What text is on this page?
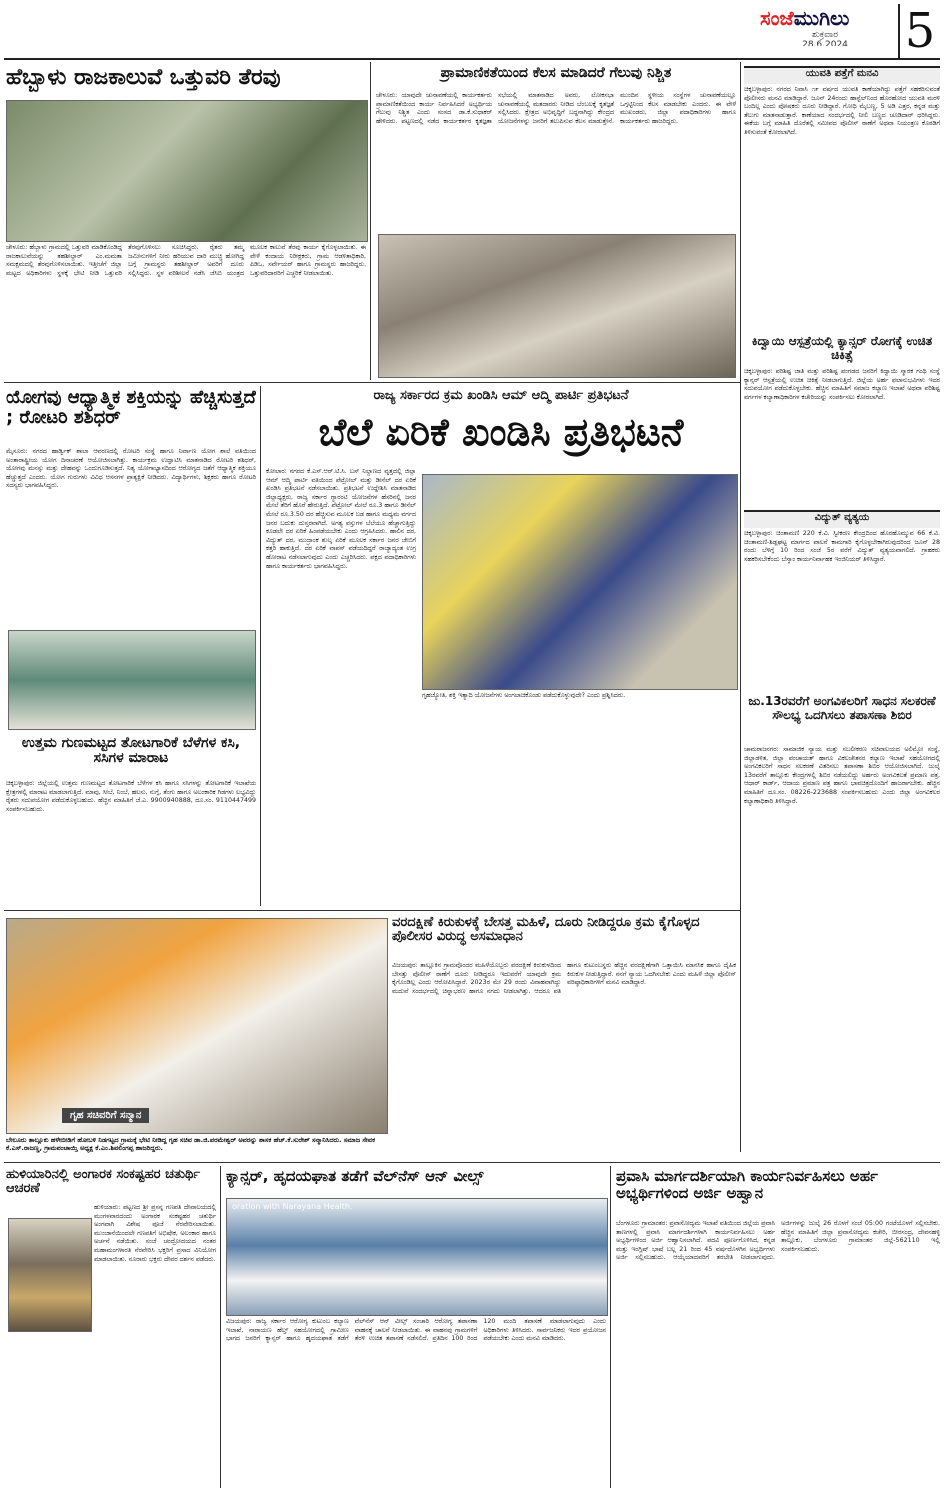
ಸಂಜೆಮುಗಿಲು
ಶುಕ್ರವಾರ
28.6.2024	5
ಹೆಬ್ಬಾಳು ರಾಜಕಾಲುವೆ ಒತ್ತುವರಿ ತೆರವು
ಚೇಳೂರು: ಹೆಬ್ಬಾಳು ಗ್ರಾಮದಲ್ಲಿ ಒತ್ತುವರಿ ಮಾಡಿಕೊಂಡಿದ್ದ ರಾಜಕಾಲುವೆಯನ್ನು ತಹಶೀಲ್ದಾರ್ ಎಂ.ಮಮತಾ ಸಮಕ್ಷಮದಲ್ಲಿ ತೆರವುಗೊಳಿಸಲಾಯಿತು. ಇತ್ತೀಚೆಗೆ ಜಿಲ್ಲಾ ಮಟ್ಟದ ಅಧಿಕಾರಿಗಳು ಸ್ಥಳಕ್ಕೆ ಭೇಟಿ ನೀಡಿ ಒತ್ತುವರಿ ತೆರವುಗೊಳಿಸಲು ಸೂಚಿಸಿದ್ದರು. ರೈತರು ತಮ್ಮ ಜಮೀನುಗಳಿಗೆ ನೀರು ಹರಿಯುವ ದಾರಿ ಮುಚ್ಚಿ ಹೋಗಿದ್ದ ಬಗ್ಗೆ ಗ್ರಾಮಸ್ಥರು ತಹಶೀಲ್ದಾರ್ ಅವರಿಗೆ ದೂರು ಸಲ್ಲಿಸಿದ್ದರು. ಸ್ಥಳ ಪರಿಶೀಲನೆ ನಡೆಸಿ ಜೆಸಿಬಿ ಯಂತ್ರದ ಮೂಲಕ ಕಾಲುವೆ ತೆರವು ಕಾರ್ಯ ಕೈಗೊಳ್ಳಲಾಯಿತು. ಈ ವೇಳೆ ಕಂದಾಯ ನಿರೀಕ್ಷಕರು, ಗ್ರಾಮ ಆಡಳಿತಾಧಿಕಾರಿ, ಪಿಡಿಒ, ಸರ್ವೇಯರ್ ಹಾಗೂ ಗ್ರಾಮಸ್ಥರು ಹಾಜರಿದ್ದರು. ಒತ್ತುವರಿದಾರರಿಗೆ ಎಚ್ಚರಿಕೆ ನೀಡಲಾಯಿತು.
ಪ್ರಾಮಾಣಿಕತೆಯಿಂದ ಕೆಲಸ ಮಾಡಿದರೆ ಗೆಲುವು ನಿಶ್ಚಿತ
ಚೇಳೂರು: ಯಾವುದೇ ಚುನಾವಣೆಯಲ್ಲಿ ಕಾರ್ಯಕರ್ತರು ಪ್ರಾಮಾಣಿಕತೆಯಿಂದ ಕಾರ್ಯ ನಿರ್ವಹಿಸಿದರೆ ಅಭ್ಯರ್ಥಿಯ ಗೆಲುವು ನಿಶ್ಚಿತ ಎಂದು ಸಂಸದ ಡಾ.ಕೆ.ಸುಧಾಕರ್ ಹೇಳಿದರು. ಪಟ್ಟಣದಲ್ಲಿ ನಡೆದ ಕಾರ್ಯಕರ್ತರ ಕೃತಜ್ಞತಾ ಸಭೆಯಲ್ಲಿ ಮಾತನಾಡಿದ ಅವರು, ಲೋಕಸಭಾ ಚುನಾವಣೆಯಲ್ಲಿ ಮತದಾರರು ನೀಡಿದ ಬೆಂಬಲಕ್ಕೆ ಕೃತಜ್ಞತೆ ಸಲ್ಲಿಸಿದರು. ಕ್ಷೇತ್ರದ ಅಭಿವೃದ್ಧಿಗೆ ಬದ್ಧನಾಗಿದ್ದು ಕೇಂದ್ರದ ಯೋಜನೆಗಳನ್ನು ಜನರಿಗೆ ತಲುಪಿಸುವ ಕೆಲಸ ಮಾಡುತ್ತೇನೆ. ಮುಂದಿನ ಸ್ಥಳೀಯ ಸಂಸ್ಥೆಗಳ ಚುನಾವಣೆಯಲ್ಲೂ ಒಗ್ಗಟ್ಟಿನಿಂದ ಕೆಲಸ ಮಾಡಬೇಕು ಎಂದರು. ಈ ವೇಳೆ ಮುಖಂಡರು, ಜಿಲ್ಲಾ ಪದಾಧಿಕಾರಿಗಳು ಹಾಗೂ ಕಾರ್ಯಕರ್ತರು ಹಾಜರಿದ್ದರು.
ಯುವತಿ ಪತ್ತೆಗೆ ಮನವಿ
ಚಿಕ್ಕಬಳ್ಳಾಪುರ: ನಗರದ ನಿವಾಸಿ ೧೯ ವರ್ಷದ ಯುವತಿ ಕಾಣೆಯಾಗಿದ್ದು ಪತ್ತೆಗೆ ಸಹಕರಿಸುವಂತೆ ಪೊಲೀಸರು ಮನವಿ ಮಾಡಿದ್ದಾರೆ. ಜೂನ್ 24ರಂದು ಹಾಸ್ಟೆಲ್‌ನಿಂದ ಹೊರಹೋದ ಯುವತಿ ಮರಳಿ ಬಂದಿಲ್ಲ ಎಂದು ಪೋಷಕರು ದೂರು ನೀಡಿದ್ದಾರೆ. ಗೋಧಿ ಮೈಬಣ್ಣ, 5 ಅಡಿ ಎತ್ತರ, ಕನ್ನಡ ಮತ್ತು ತೆಲುಗು ಮಾತನಾಡುತ್ತಾರೆ. ಕಾಣೆಯಾದ ಸಂದರ್ಭದಲ್ಲಿ ನೀಲಿ ಬಣ್ಣದ ಚೂಡಿದಾರ್ ಧರಿಸಿದ್ದರು. ಈಕೆಯ ಬಗ್ಗೆ ಮಾಹಿತಿ ದೊರೆತಲ್ಲಿ ಸಮೀಪದ ಪೊಲೀಸ್ ಠಾಣೆಗೆ ಅಥವಾ ನಿಯಂತ್ರಣ ಕೊಠಡಿಗೆ ತಿಳಿಸುವಂತೆ ಕೋರಲಾಗಿದೆ.
ಕಿದ್ವಾಯಿ ಆಸ್ಪತ್ರೆಯಲ್ಲಿ ಕ್ಯಾನ್ಸರ್ ರೋಗಕ್ಕೆ ಉಚಿತ ಚಿಕಿತ್ಸೆ
ಚಿಕ್ಕಬಳ್ಳಾಪುರ: ಪರಿಶಿಷ್ಟ ಜಾತಿ ಮತ್ತು ಪರಿಶಿಷ್ಟ ಪಂಗಡದ ಜನರಿಗೆ ಕಿದ್ವಾಯಿ ಸ್ಮಾರಕ ಗಂಥಿ ಸಂಸ್ಥೆ ಕ್ಯಾನ್ಸರ್ ಆಸ್ಪತ್ರೆಯಲ್ಲಿ ಉಚಿತ ಚಿಕಿತ್ಸೆ ನೀಡಲಾಗುತ್ತಿದೆ. ಜಿಲ್ಲೆಯ ಅರ್ಹ ಫಲಾನುಭವಿಗಳು ಇದರ ಸದುಪಯೋಗ ಪಡೆದುಕೊಳ್ಳಬೇಕು. ಹೆಚ್ಚಿನ ಮಾಹಿತಿಗೆ ಸಮಾಜ ಕಲ್ಯಾಣ ಇಲಾಖೆ ಅಥವಾ ಪರಿಶಿಷ್ಟ ವರ್ಗಗಳ ಕಲ್ಯಾಣಾಧಿಕಾರಿಗಳ ಕಚೇರಿಯನ್ನು ಸಂಪರ್ಕಿಸಲು ಕೋರಲಾಗಿದೆ.
ವಿದ್ಯುತ್ ವ್ಯತ್ಯಯ
ಚಿಕ್ಕಬಳ್ಳಾಪುರ: ಚಿಂತಾಮಣಿ 220 ಕೆ.ವಿ. ಸ್ವೀಕರಣ ಕೇಂದ್ರದಿಂದ ಹೊರಹೊಮ್ಮುವ 66 ಕೆ.ವಿ. ಚಿಂತಾಮಣಿ-ಶಿಡ್ಲಘಟ್ಟ ಮಾರ್ಗದ ಪಾಲನೆ ಕಾಮಗಾರಿ ಕೈಗೊಳ್ಳಬೇಕಾಗಿರುವುದರಿಂದ ಜೂನ್ 28 ರಂದು ಬೆಳಿಗ್ಗೆ 10 ರಿಂದ ಸಂಜೆ 5ರ ವರೆಗೆ ವಿದ್ಯುತ್ ವ್ಯತ್ಯಯವಾಗಲಿದೆ. ಗ್ರಾಹಕರು ಸಹಕರಿಸಬೇಕೆಂದು ಬೆಸ್ಕಾಂ ಕಾರ್ಯನಿರ್ವಾಹಕ ಇಂಜಿನಿಯರ್ ತಿಳಿಸಿದ್ದಾರೆ.
ಜು.13ರವರೆಗೆ ಅಂಗವಿಕಲರಿಗೆ ಸಾಧನ ಸಲಕರಣೆ ಸೌಲಭ್ಯ ಒದಗಿಸಲು ತಪಾಸಣಾ ಶಿಬಿರ
ಚಾಮರಾಜನಗರ: ಸಾಮಾಜಿಕ ನ್ಯಾಯ ಮತ್ತು ಸಬಲೀಕರಣ ಸಚಿವಾಲಯದ ಅಲಿಮ್ಕೋ ಸಂಸ್ಥೆ, ಜಿಲ್ಲಾಡಳಿತ, ಜಿಲ್ಲಾ ಪಂಚಾಯತ್ ಹಾಗೂ ವಿಕಲಚೇತನರ ಕಲ್ಯಾಣ ಇಲಾಖೆ ಸಹಯೋಗದಲ್ಲಿ ಅಂಗವಿಕಲರಿಗೆ ಸಾಧನ ಸಲಕರಣೆ ವಿತರಿಸಲು ತಪಾಸಣಾ ಶಿಬಿರ ಆಯೋಜಿಸಲಾಗಿದೆ. ಜುಲೈ 13ರವರೆಗೆ ತಾಲ್ಲೂಕು ಕೇಂದ್ರಗಳಲ್ಲಿ ಶಿಬಿರ ನಡೆಯಲಿದ್ದು ಅರ್ಹರು ಅಂಗವಿಕಲತೆ ಪ್ರಮಾಣ ಪತ್ರ, ಆಧಾರ್ ಕಾರ್ಡ್, ಆದಾಯ ಪ್ರಮಾಣ ಪತ್ರ ಹಾಗೂ ಭಾವಚಿತ್ರದೊಂದಿಗೆ ಹಾಜರಾಗಬೇಕು. ಹೆಚ್ಚಿನ ಮಾಹಿತಿಗೆ ದೂ.ಸಂ. 08226-223688 ಸಂಪರ್ಕಿಸಬಹುದು ಎಂದು ಜಿಲ್ಲಾ ಅಂಗವಿಕಲರ ಕಲ್ಯಾಣಾಧಿಕಾರಿ ತಿಳಿಸಿದ್ದಾರೆ.
ಯೋಗವು ಆಧ್ಯಾತ್ಮಿಕ ಶಕ್ತಿಯನ್ನು ಹೆಚ್ಚಿಸುತ್ತದೆ ; ರೋಟರಿ ಶಶಿಧರ್
ಮೈಸೂರು: ನಗರದ ಹಾರ್ಡ್ವಿಕ್ ಶಾಲಾ ಆವರಣದಲ್ಲಿ ರೋಟರಿ ಸಂಸ್ಥೆ ಹಾಗೂ ನಿರ್ವಾಣ ಯೋಗ ಶಾಲೆ ವತಿಯಿಂದ ಅಂತಾರಾಷ್ಟ್ರೀಯ ಯೋಗ ದಿನಾಚರಣೆ ಆಯೋಜಿಸಲಾಗಿತ್ತು. ಕಾರ್ಯಕ್ರಮ ಉದ್ಘಾಟಿಸಿ ಮಾತನಾಡಿದ ರೋಟರಿ ಶಶಿಧರ್, ಯೋಗವು ಮನಸ್ಸು ಮತ್ತು ದೇಹವನ್ನು ಒಂದುಗೂಡಿಸುತ್ತದೆ. ನಿತ್ಯ ಯೋಗಾಭ್ಯಾಸದಿಂದ ಆರೋಗ್ಯದ ಜತೆಗೆ ಆಧ್ಯಾತ್ಮಿಕ ಶಕ್ತಿಯೂ ಹೆಚ್ಚುತ್ತದೆ ಎಂದರು. ಯೋಗ ಗುರುಗಳು ವಿವಿಧ ಆಸನಗಳ ಪ್ರಾತ್ಯಕ್ಷಿಕೆ ನೀಡಿದರು. ವಿದ್ಯಾರ್ಥಿಗಳು, ಶಿಕ್ಷಕರು ಹಾಗೂ ರೋಟರಿ ಸದಸ್ಯರು ಭಾಗವಹಿಸಿದ್ದರು.
ಉತ್ತಮ ಗುಣಮಟ್ಟದ ತೋಟಗಾರಿಕೆ ಬೆಳೆಗಳ ಕಸಿ, ಸಸಿಗಳ ಮಾರಾಟ
ಚಿಕ್ಕಬಳ್ಳಾಪುರ: ಜಿಲ್ಲೆಯಲ್ಲಿ ಉತ್ತಮ ಗುಣಮಟ್ಟದ ತೋಟಗಾರಿಕೆ ಬೆಳೆಗಳ ಕಸಿ ಹಾಗೂ ಸಸಿಗಳನ್ನು ತೋಟಗಾರಿಕೆ ಇಲಾಖೆಯ ಕ್ಷೇತ್ರಗಳಲ್ಲಿ ಮಾರಾಟ ಮಾಡಲಾಗುತ್ತಿದೆ. ಮಾವು, ಸೀಬೆ, ನಿಂಬೆ, ಹಲಸು, ನುಗ್ಗೆ, ತೆಂಗು ಹಾಗೂ ಅಲಂಕಾರಿಕ ಗಿಡಗಳು ಲಭ್ಯವಿದ್ದು ರೈತರು ಸದುಪಯೋಗ ಪಡೆದುಕೊಳ್ಳಬಹುದು. ಹೆಚ್ಚಿನ ಮಾಹಿತಿಗೆ ಜೆ.ಎ. 9900940888, ದೂ.ಸಂ. 9110447499 ಸಂಪರ್ಕಿಸಬಹುದು.
ರಾಜ್ಯ ಸರ್ಕಾರದ ಕ್ರಮ ಖಂಡಿಸಿ ಆಮ್ ಆದ್ಮಿ ಪಾರ್ಟಿ ಪ್ರತಿಭಟನೆ
ಬೆಲೆ ಏರಿಕೆ ಖಂಡಿಸಿ ಪ್ರತಿಭಟನೆ
ಕೋಲಾರ: ನಗರದ ಕೆ.ಎಸ್.ಆರ್.ಟಿ.ಸಿ. ಬಸ್ ನಿಲ್ದಾಣದ ವೃತ್ತದಲ್ಲಿ ಜಿಲ್ಲಾ ಆಮ್ ಆದ್ಮಿ ಪಾರ್ಟಿ ವತಿಯಿಂದ ಪೆಟ್ರೋಲ್ ಮತ್ತು ಡೀಸೆಲ್ ದರ ಏರಿಕೆ ಖಂಡಿಸಿ ಪ್ರತಿಭಟನೆ ನಡೆಸಲಾಯಿತು. ಪ್ರತಿಭಟನೆ ಉದ್ದೇಶಿಸಿ ಮಾತನಾಡಿದ ಜಿಲ್ಲಾಧ್ಯಕ್ಷರು, ರಾಜ್ಯ ಸರ್ಕಾರ ಗ್ಯಾರಂಟಿ ಯೋಜನೆಗಳ ಹೆಸರಿನಲ್ಲಿ ಜನರ ಮೇಲೆ ತೆರಿಗೆ ಹೊರೆ ಹೇರುತ್ತಿದೆ. ಪೆಟ್ರೋಲ್ ಮೇಲೆ ರೂ.3 ಹಾಗೂ ಡೀಸೆಲ್ ಮೇಲೆ ರೂ.3.50 ದರ ಹೆಚ್ಚಿಸುವ ಮೂಲಕ ಬಡ ಹಾಗೂ ಮಧ್ಯಮ ವರ್ಗದ ಜನರ ಬದುಕು ದುಸ್ತರವಾಗಿದೆ. ಅಗತ್ಯ ವಸ್ತುಗಳ ಬೆಲೆಯೂ ಹೆಚ್ಚಾಗುತ್ತಿದ್ದು ಕೂಡಲೇ ದರ ಏರಿಕೆ ಹಿಂಪಡೆಯಬೇಕು ಎಂದು ಆಗ್ರಹಿಸಿದರು. ಹಾಲಿನ ದರ, ವಿದ್ಯುತ್ ದರ, ಮುದ್ರಾಂಕ ಶುಲ್ಕ ಏರಿಕೆ ಮೂಲಕ ಸರ್ಕಾರ ಜನರ ಜೇಬಿಗೆ ಕತ್ತರಿ ಹಾಕುತ್ತಿದೆ. ದರ ಏರಿಕೆ ವಾಪಸ್ ಪಡೆಯದಿದ್ದರೆ ರಾಜ್ಯಾದ್ಯಂತ ಉಗ್ರ ಹೋರಾಟ ನಡೆಸಲಾಗುವುದು ಎಂದು ಎಚ್ಚರಿಸಿದರು. ಪಕ್ಷದ ಪದಾಧಿಕಾರಿಗಳು ಹಾಗೂ ಕಾರ್ಯಕರ್ತರು ಭಾಗವಹಿಸಿದ್ದರು.
ಗೃಹಜ್ಯೋತಿ, ಶಕ್ತಿ ಇತ್ಯಾದಿ ಯೋಜನೆಗಳು ಅಂಗಲಾಚಿಕೊಂಡು ಪಡೆದುಕೊಳ್ಳುವುದೇ? ಎಂದು ಪ್ರಶ್ನಿಸಿದರು.
ಗೃಹ ಸಚಿವರಿಗೆ ಸನ್ಮಾನ
ಬೇಲೂರು ತಾಲ್ಲೂಕು ಹಳೇಬೀಡಿಗೆ ಹೋಬಳಿ ನಿಡಗಟ್ಟದ ಗ್ರಾಮಕ್ಕೆ ಭೇಟಿ ನೀಡಿದ್ದ ಗೃಹ ಸಚಿವ ಡಾ.ಜಿ.ಪರಮೇಶ್ವರ್ ಅವರನ್ನು ಶಾಸಕ ಹೆಚ್.ಕೆ.ಸುರೇಶ್ ಸನ್ಮಾನಿಸಿದರು. ಸಮಾಜ ಸೇವಕ ಕೆ.ಎಸ್.ರಾಜಣ್ಣ, ಗ್ರಾಮಪಂಚಾಯ್ತಿ ಅಧ್ಯಕ್ಷ ಕೆ.ಎಂ.ಶಿವಲಿಂಗಪ್ಪ ಹಾಜರಿದ್ದರು.
ವರದಕ್ಷಿಣೆ ಕಿರುಕುಳಕ್ಕೆ ಬೇಸತ್ತ ಮಹಿಳೆ, ದೂರು ನೀಡಿದ್ದರೂ ಕ್ರಮ ಕೈಗೊಳ್ಳದ ಪೊಲೀಸರ ವಿರುದ್ಧ ಅಸಮಾಧಾನ
ವಿಜಯಪುರ: ತಾಲ್ಲೂಕಿನ ಗ್ರಾಮವೊಂದರ ಮಹಿಳೆಯೊಬ್ಬರು ವರದಕ್ಷಿಣೆ ಕಿರುಕುಳದಿಂದ ಬೇಸತ್ತು ಪೊಲೀಸ್ ಠಾಣೆಗೆ ದೂರು ನೀಡಿದ್ದರೂ ಇದುವರೆಗೆ ಯಾವುದೇ ಕ್ರಮ ಕೈಗೊಂಡಿಲ್ಲ ಎಂದು ಆರೋಪಿಸಿದ್ದಾರೆ. 2023ರ ಮೇ 29 ರಂದು ವಿವಾಹವಾಗಿದ್ದು ಮದುವೆ ಸಂದರ್ಭದಲ್ಲಿ ಚಿನ್ನಾಭರಣ ಹಾಗೂ ನಗದು ನೀಡಲಾಗಿತ್ತು. ಆದರೂ ಪತಿ ಹಾಗೂ ಕುಟುಂಬಸ್ಥರು ಹೆಚ್ಚಿನ ವರದಕ್ಷಿಣೆಗಾಗಿ ಒತ್ತಾಯಿಸಿ ಮಾನಸಿಕ ಹಾಗೂ ದೈಹಿಕ ಕಿರುಕುಳ ನೀಡುತ್ತಿದ್ದಾರೆ. ನನಗೆ ನ್ಯಾಯ ಒದಗಿಸಬೇಕು ಎಂದು ಮಹಿಳೆ ಜಿಲ್ಲಾ ಪೊಲೀಸ್ ವರಿಷ್ಠಾಧಿಕಾರಿಗಳಿಗೆ ಮನವಿ ಮಾಡಿದ್ದಾರೆ.
ಹುಳಿಯಾರಿನಲ್ಲಿ ಅಂಗಾರಕ ಸಂಕಷ್ಟಹರ ಚತುರ್ಥಿ ಆಚರಣೆ
ಹುಳಿಯಾರು: ಪಟ್ಟಣದ ಶ್ರೀ ಪ್ರಸನ್ನ ಗಣಪತಿ ದೇವಾಲಯದಲ್ಲಿ ಮಂಗಳವಾರದಂದು ಅಂಗಾರಕ ಸಂಕಷ್ಟಹರ ಚತುರ್ಥಿ ಅಂಗವಾಗಿ ವಿಶೇಷ ಪೂಜೆ ನೆರವೇರಿಸಲಾಯಿತು. ಮುಂಜಾನೆಯಿಂದಲೇ ಗಣಪತಿಗೆ ಅಭಿಷೇಕ, ಅಲಂಕಾರ ಹಾಗೂ ಅರ್ಚನೆ ನಡೆಯಿತು. ಸಂಜೆ ಚಂದ್ರೋದಯದ ನಂತರ ಮಹಾಮಂಗಳಾರತಿ ನೆರವೇರಿಸಿ ಭಕ್ತರಿಗೆ ಪ್ರಸಾದ ವಿನಿಯೋಗ ಮಾಡಲಾಯಿತು. ನೂರಾರು ಭಕ್ತರು ದೇವರ ದರ್ಶನ ಪಡೆದರು.
ಕ್ಯಾನ್ಸರ್, ಹೃದಯಘಾತ ತಡೆಗೆ ವೆಲ್‌ನೆಸ್ ಆನ್ ವೀಲ್ಸ್
oration with Narayana Health.
ವಿಜಯಪುರ: ರಾಜ್ಯ ಸರ್ಕಾರ ಆರೋಗ್ಯ ಕುಟುಂಬ ಕಲ್ಯಾಣ ಇಲಾಖೆ, ನಾರಾಯಣ ಹೆಲ್ತ್ ಸಹಯೋಗದಲ್ಲಿ ಗ್ರಾಮೀಣ ಭಾಗದ ಜನರಿಗೆ ಕ್ಯಾನ್ಸರ್ ಹಾಗೂ ಹೃದಯಘಾತ ತಡೆಗೆ ವೆಲ್‌ನೆಸ್ ಆನ್ ವೀಲ್ಸ್ ಸಂಚಾರಿ ಆರೋಗ್ಯ ತಪಾಸಣಾ ವಾಹನಕ್ಕೆ ಚಾಲನೆ ನೀಡಲಾಯಿತು. ಈ ವಾಹನವು ಗ್ರಾಮಗಳಿಗೆ ತೆರಳಿ ಉಚಿತ ತಪಾಸಣೆ ನಡೆಸಲಿದೆ. ಪ್ರತಿದಿನ 100 ರಿಂದ 120 ಮಂದಿ ತಪಾಸಣೆ ಮಾಡಲಾಗುವುದು ಎಂದು ಅಧಿಕಾರಿಗಳು ತಿಳಿಸಿದರು. ಸಾರ್ವಜನಿಕರು ಇದರ ಪ್ರಯೋಜನ ಪಡೆಯಬೇಕು ಎಂದು ಮನವಿ ಮಾಡಿದರು.
ಪ್ರವಾಸಿ ಮಾರ್ಗದರ್ಶಿಯಾಗಿ ಕಾರ್ಯನಿರ್ವಹಿಸಲು ಅರ್ಹ ಅಭ್ಯರ್ಥಿಗಳಿಂದ ಅರ್ಜಿ ಅಹ್ವಾನ
ಬೆಂಗಳೂರು ಗ್ರಾಮಾಂತರ: ಪ್ರವಾಸೋದ್ಯಮ ಇಲಾಖೆ ವತಿಯಿಂದ ಜಿಲ್ಲೆಯ ಪ್ರವಾಸಿ ತಾಣಗಳಲ್ಲಿ ಪ್ರವಾಸಿ ಮಾರ್ಗದರ್ಶಿಗಳಾಗಿ ಕಾರ್ಯನಿರ್ವಹಿಸಲು ಅರ್ಹ ಅಭ್ಯರ್ಥಿಗಳಿಂದ ಅರ್ಜಿ ಆಹ್ವಾನಿಸಲಾಗಿದೆ. ಪದವಿ ಪೂರ್ಣಗೊಳಿಸಿದ, ಕನ್ನಡ ಮತ್ತು ಇಂಗ್ಲಿಷ್ ಭಾಷೆ ಬಲ್ಲ 21 ರಿಂದ 45 ವರ್ಷದೊಳಗಿನ ಅಭ್ಯರ್ಥಿಗಳು ಅರ್ಜಿ ಸಲ್ಲಿಸಬಹುದು. ಆಯ್ಕೆಯಾದವರಿಗೆ ತರಬೇತಿ ನೀಡಲಾಗುವುದು. ಅರ್ಜಿಗಳನ್ನು ಜುಲೈ 26 ರೊಳಗೆ ಸಂಜೆ 05:00 ಗಂಟೆಯೊಳಗೆ ಸಲ್ಲಿಸಬೇಕು. ಹೆಚ್ಚಿನ ಮಾಹಿತಿಗೆ ಜಿಲ್ಲಾ ಪ್ರವಾಸೋದ್ಯಮ ಕಚೇರಿ, ಬೀರಸಂದ್ರ, ದೇವನಹಳ್ಳಿ ತಾಲ್ಲೂಕು, ಬೆಂಗಳೂರು ಗ್ರಾಮಾಂತರ ಜಿಲ್ಲೆ-562110 ಇಲ್ಲಿ ಸಂಪರ್ಕಿಸಬಹುದು.
